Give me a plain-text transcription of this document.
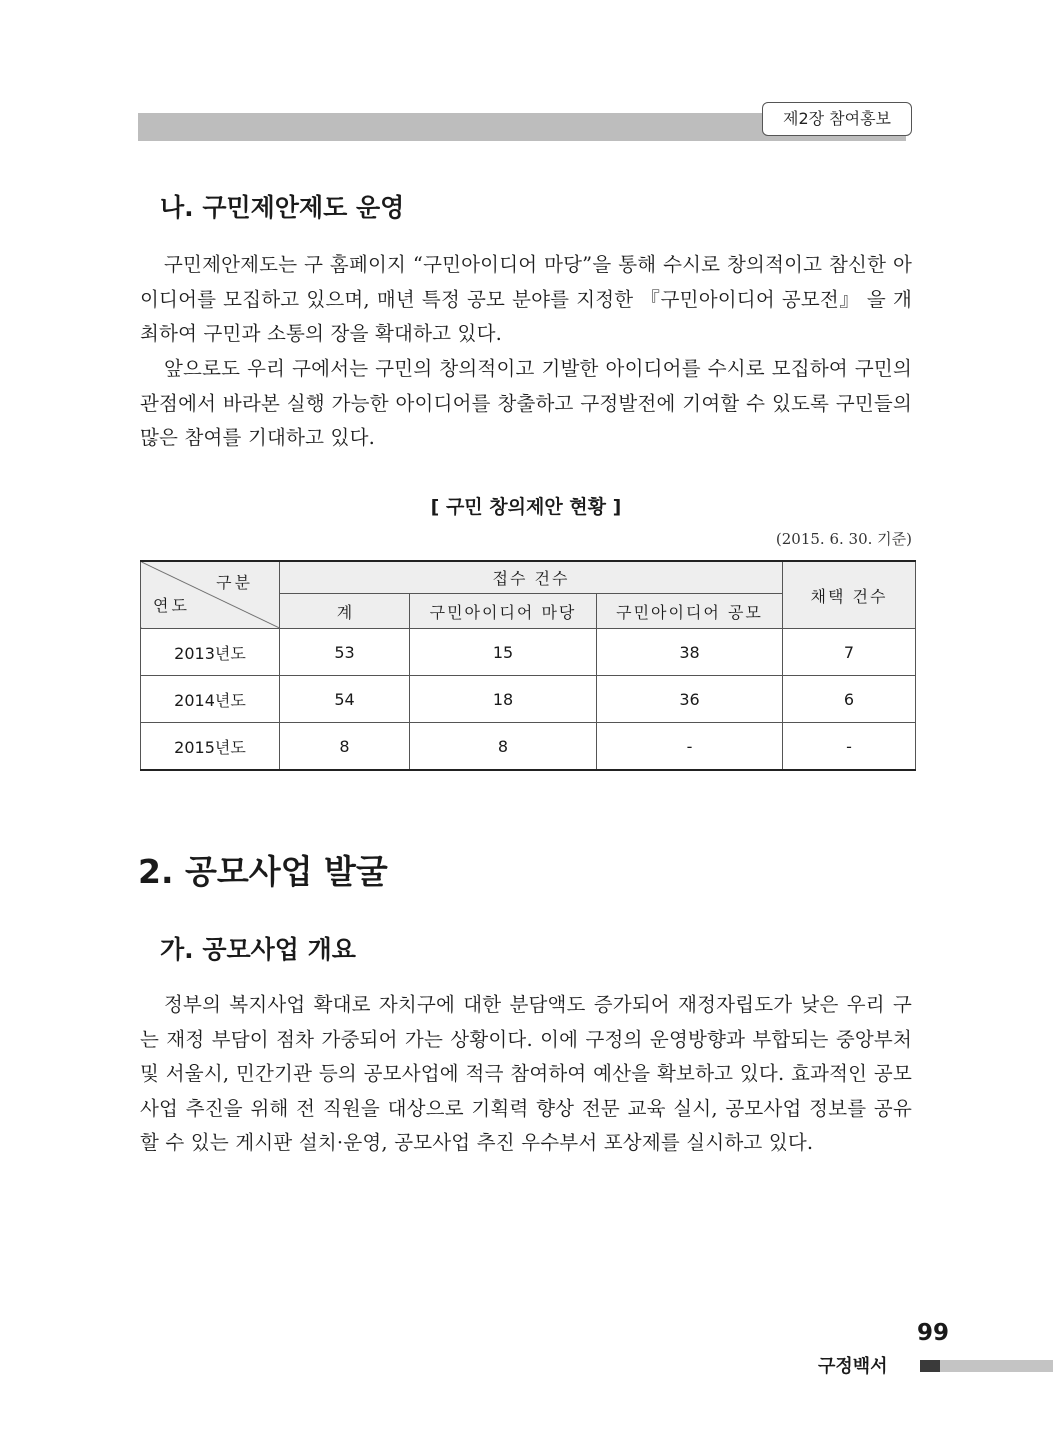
제2장 참여홍보
나. 구민제안제도 운영

구민제안제도는 구 홈페이지 “구민아이디어 마당”을 통해 수시로 창의적이고 참신한 아이디어를 모집하고 있으며, 매년 특정 공모 분야를 지정한 『구민아이디어 공모전』 을 개최하여 구민과 소통의 장을 확대하고 있다.

앞으로도 우리 구에서는 구민의 창의적이고 기발한 아이디어를 수시로 모집하여 구민의 관점에서 바라본 실행 가능한 아이디어를 창출하고 구정발전에 기여할 수 있도록 구민들의 많은 참여를 기대하고 있다.

[ 구민 창의제안 현황 ]
(2015. 6. 30. 기준)
구분
연도	접수 건수			채택 건수
	계	구민아이디어 마당	구민아이디어 공모	
2013년도	53	15	38	7
2014년도	54	18	36	6
2015년도	8	8	-	-
2. 공모사업 발굴
가. 공모사업 개요

정부의 복지사업 확대로 자치구에 대한 분담액도 증가되어 재정자립도가 낮은 우리 구는 재정 부담이 점차 가중되어 가는 상황이다. 이에 구정의 운영방향과 부합되는 중앙부처 및 서울시, 민간기관 등의 공모사업에 적극 참여하여 예산을 확보하고 있다. 효과적인 공모사업 추진을 위해 전 직원을 대상으로 기획력 향상 전문 교육 실시, 공모사업 정보를 공유할 수 있는 게시판 설치·운영, 공모사업 추진 우수부서 포상제를 실시하고 있다.

99
구정백서
